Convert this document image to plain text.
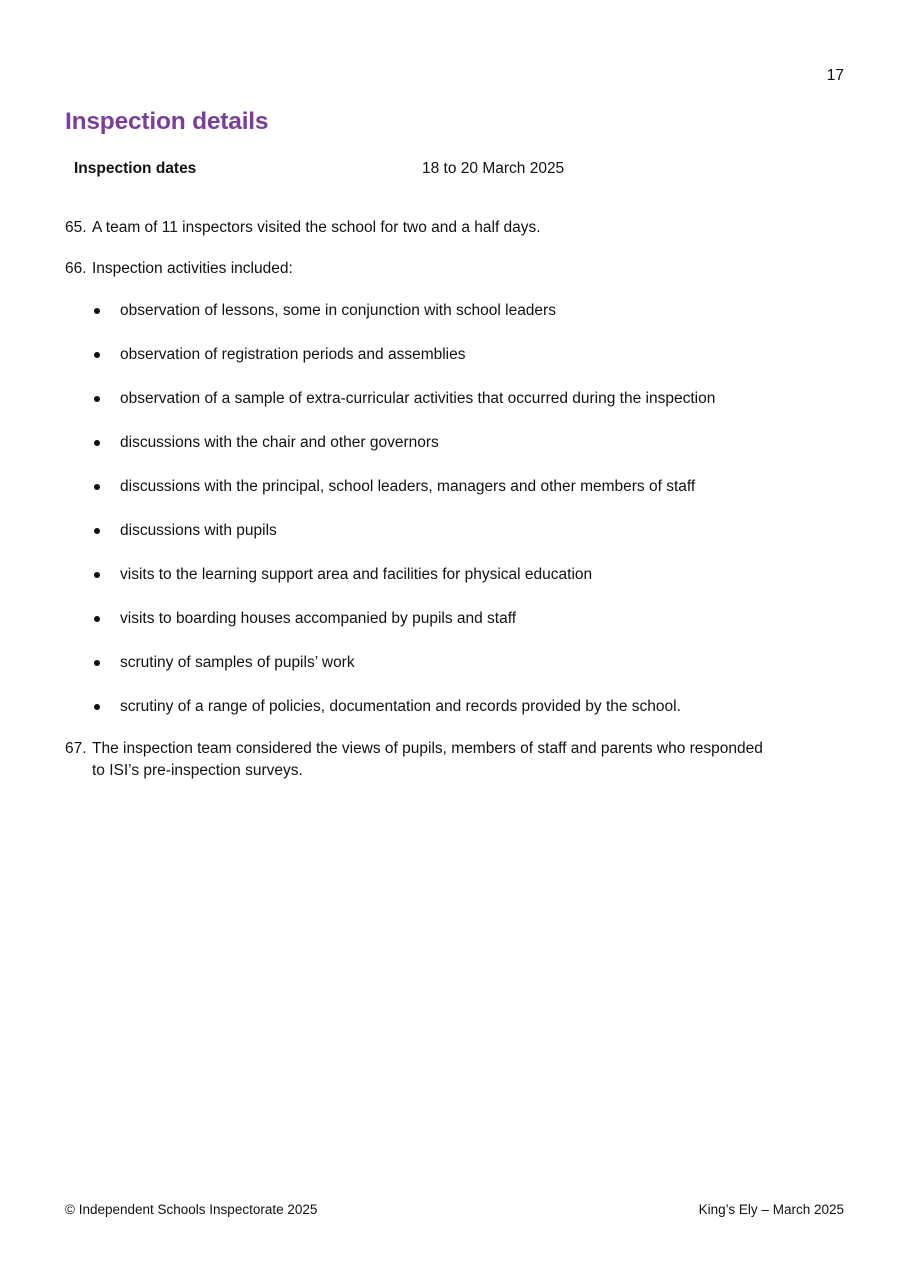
17
Inspection details
Inspection dates	18 to 20 March 2025

65. A team of 11 inspectors visited the school for two and a half days.

66. Inspection activities included:

observation of lessons, some in conjunction with school leaders
observation of registration periods and assemblies
observation of a sample of extra-curricular activities that occurred during the inspection
discussions with the chair and other governors
discussions with the principal, school leaders, managers and other members of staff
discussions with pupils
visits to the learning support area and facilities for physical education
visits to boarding houses accompanied by pupils and staff
scrutiny of samples of pupils’ work
scrutiny of a range of policies, documentation and records provided by the school.

67. The inspection team considered the views of pupils, members of staff and parents who responded
to ISI’s pre-inspection surveys.

© Independent Schools Inspectorate 2025	King’s Ely – March 2025
